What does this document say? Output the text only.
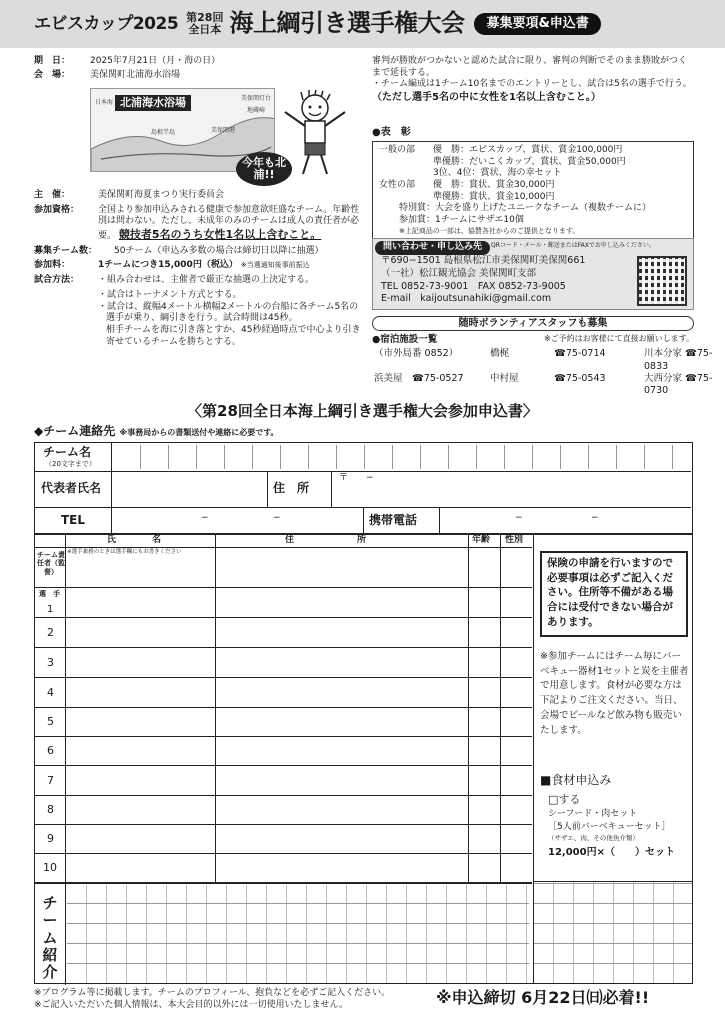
エビスカップ2025 第28回
全日本 海上綱引き選手権大会	募集要項&申込書
期　日：	2025年7月21日（月・海の日）
会　場：	美保関町北浦海水浴場
北浦海水浴場
日本海
美保関灯台
地蔵崎
美保関港
島根半島
今年も北浦!!
主　催：	美保関町海夏まつり実行委員会
参加資格：	全国より参加申込みされる健康で参加意欲旺盛なチーム。年齢性別は問わない。ただし、未成年のみのチームは成人の責任者が必要。 競技者5名のうち女性1名以上含むこと。
募集チーム数：	50チーム（申込み多数の場合は締切日以降に抽選）
参加料：	1チームにつき15,000円（税込） ※当選通知後事前振込
試合方法：	・組み合わせは、主催者で厳正な抽選の上決定する。
・試合はトーナメント方式とする。
・試合は、縦幅4メートル横幅2メートルの台船に各チーム5名の選手が乗り、綱引きを行う。試合時間は45秒。
相手チームを海に引き落とすか、45秒経過時点で中心より引き寄せているチームを勝ちとする。
審判が勝敗がつかないと認めた試合に限り、審判の判断でそのまま勝敗がつくまで延長する。
・チーム編成は1チーム10名までのエントリーとし、試合は5名の選手で行う。 （ただし選手5名の中に女性を1名以上含むこと。）
●表　彰
一般の部	優　勝：エビスカップ、賞状、賞金100,000円
準優勝：だいこくカップ、賞状、賞金50,000円
3位、4位：賞状、海の幸セット
女性の部	優　勝：賞状、賞金30,000円
準優勝：賞状、賞金10,000円
特別賞：大会を盛り上げたユニークなチーム（複数チームに）
参加賞：1チームにサザエ10個
※上記商品の一部は、協賛各社からのご提供となります。
問い合わせ・申し込み先	QRコード・メール・郵送またはFAXでお申し込みください。
〒690−1501 島根県松江市美保関町美保関661
（一社）松江観光協会 美保関町支部
TEL 0852-73-9001　FAX 0852-73-9005
E-mail　kaijoutsunahiki@gmail.com
随時ボランティアスタッフも募集
●宿泊施設一覧	※ご予約はお客様にて直接お願いします。
（市外局番 0852）	橋梶	☎75-0714	川本分家 ☎75-0833
浜美屋　☎75-0527	中村屋	☎75-0543	大西分家 ☎75-0730
〈第28回全日本海上綱引き選手権大会参加申込書〉
◆チーム連絡先 ※事務局からの書類送付や連絡に必要です。
チーム名
（20文字まで）
代表者氏名	住　所
〒　　−
TEL	−	−	携帯電話	−	−
氏　　　　名	住　　　　　　　所	年齢 性別
チーム責任者（監督）
※選手兼務のときは選手欄にもお書きください
選　手
1
2
3
4
5
6
7
8
9
10
チーム紹介
保険の申請を行いますので必要事項は必ずご記入ください。住所等不備がある場合には受付できない場合があります。
※参加チームにはチーム毎にバーベキュー器材1セットと炭を主催者で用意します。食材が必要な方は下記よりご注文ください。当日、会場でビールなど飲み物も販売いたします。
■食材申込み
□する
シーフード・肉セット
［5人前バーベキューセット］
（サザエ、肉、その他魚介類）
12,000円×（　　）セット
※プログラム等に掲載します。チームのプロフィール、抱負などを必ずご記入ください。
※ご記入いただいた個人情報は、本大会目的以外には一切使用いたしません。	※申込締切 6月22日㈰必着!!
